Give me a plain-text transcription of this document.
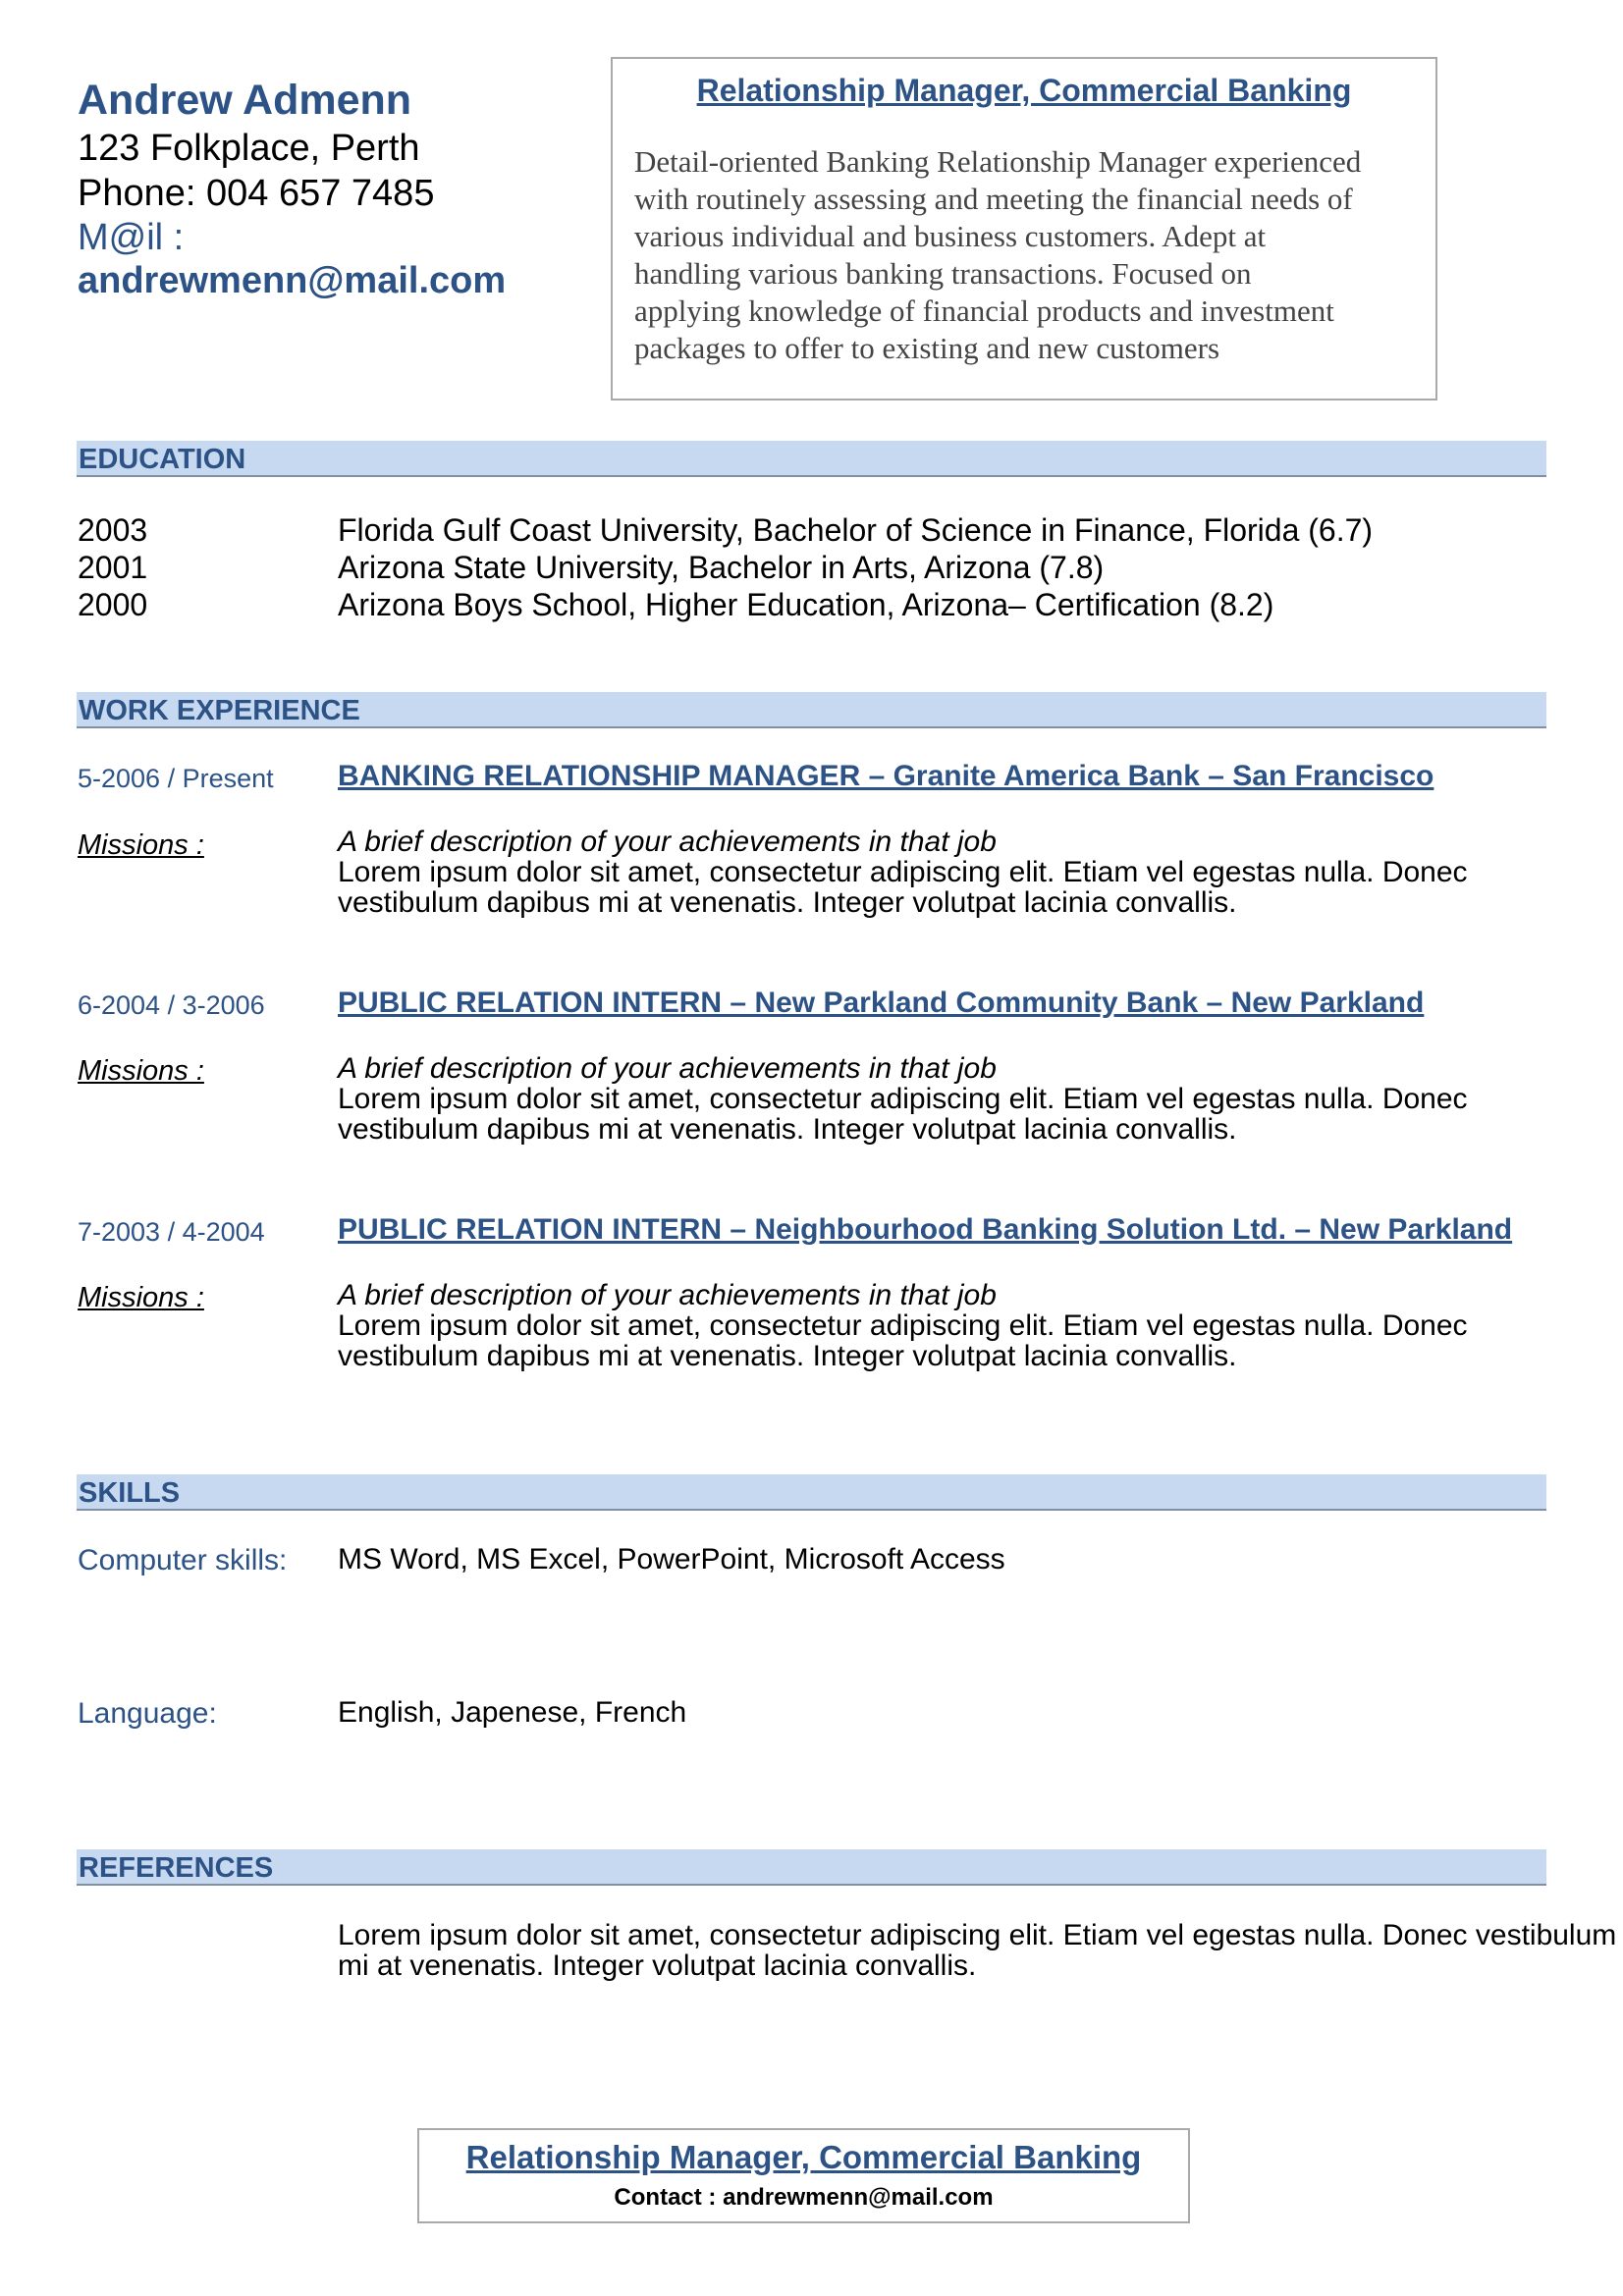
Andrew Admenn
123 Folkplace, Perth
Phone: 004 657 7485
M@il :
andrewmenn@mail.com
Relationship Manager, Commercial Banking
Detail-oriented Banking Relationship Manager experienced
with routinely assessing and meeting the financial needs of
various individual and business customers. Adept at
handling various banking transactions. Focused on
applying knowledge of financial products and investment
packages to offer to existing and new customers
EDUCATION
2003	Florida Gulf Coast University, Bachelor of Science in Finance, Florida (6.7)
2001	Arizona State University, Bachelor in Arts, Arizona (7.8)
2000	Arizona Boys School, Higher Education, Arizona– Certification (8.2)
WORK EXPERIENCE
5-2006 / Present BANKING RELATIONSHIP MANAGER – Granite America Bank – San Francisco
Missions :	A brief description of your achievements in that job
Lorem ipsum dolor sit amet, consectetur adipiscing elit. Etiam vel egestas nulla. Donec
vestibulum dapibus mi at venenatis. Integer volutpat lacinia convallis.
6-2004 / 3-2006 PUBLIC RELATION INTERN – New Parkland Community Bank – New Parkland
Missions :	A brief description of your achievements in that job
Lorem ipsum dolor sit amet, consectetur adipiscing elit. Etiam vel egestas nulla. Donec
vestibulum dapibus mi at venenatis. Integer volutpat lacinia convallis.
7-2003 / 4-2004 PUBLIC RELATION INTERN – Neighbourhood Banking Solution Ltd. – New Parkland
Missions :	A brief description of your achievements in that job
Lorem ipsum dolor sit amet, consectetur adipiscing elit. Etiam vel egestas nulla. Donec
vestibulum dapibus mi at venenatis. Integer volutpat lacinia convallis.
SKILLS
Computer skills: MS Word, MS Excel, PowerPoint, Microsoft Access
Language:	English, Japenese, French
REFERENCES
Lorem ipsum dolor sit amet, consectetur adipiscing elit. Etiam vel egestas nulla. Donec vestibulum
mi at venenatis. Integer volutpat lacinia convallis.
Relationship Manager, Commercial Banking
Contact : andrewmenn@mail.com
